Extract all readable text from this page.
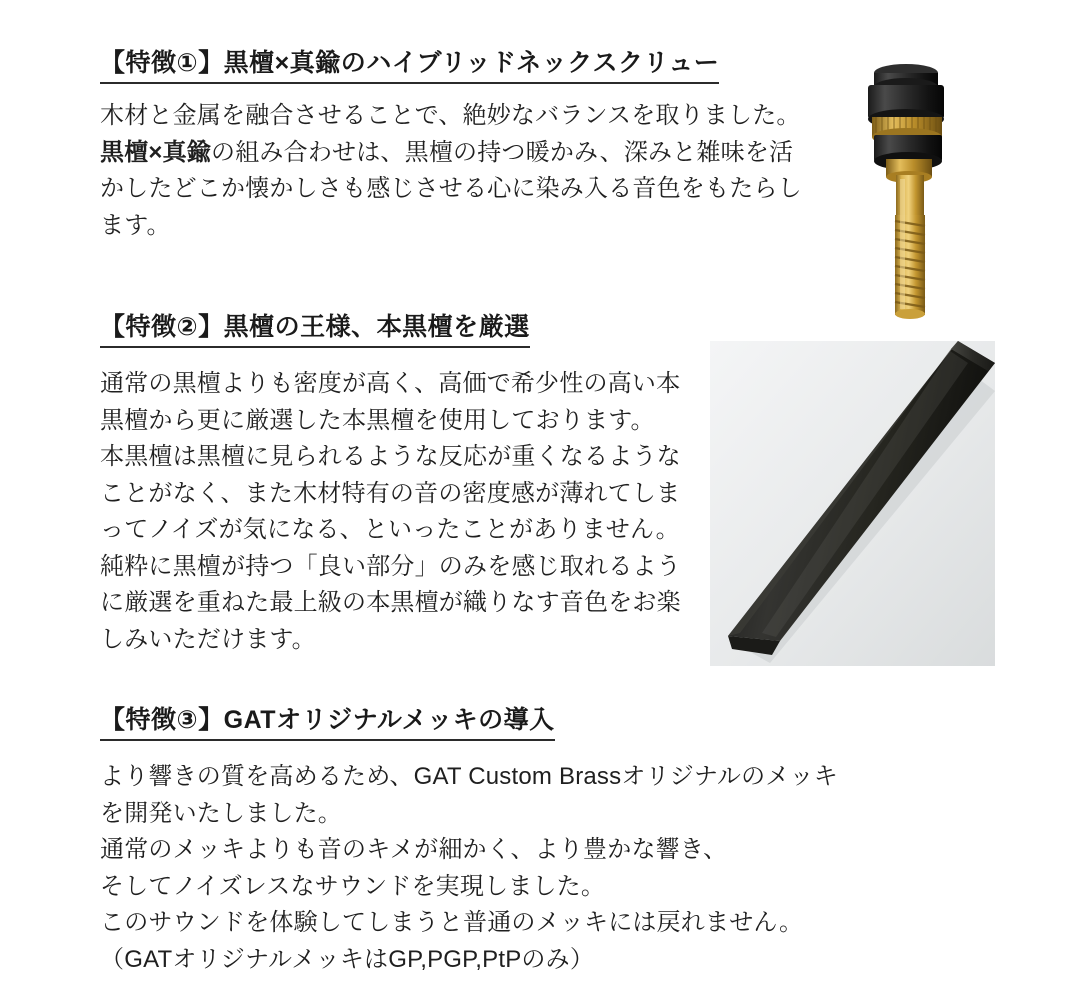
【特徴①】黒檀×真鍮のハイブリッドネックスクリュー
木材と金属を融合させることで、絶妙なバランスを取りました。
黒檀×真鍮の組み合わせは、黒檀の持つ暖かみ、深みと雑味を活
かしたどこか懐かしさも感じさせる心に染み入る音色をもたらし
ます。
【特徴②】黒檀の王様、本黒檀を厳選
通常の黒檀よりも密度が高く、高価で希少性の高い本
黒檀から更に厳選した本黒檀を使用しております。
本黒檀は黒檀に見られるような反応が重くなるような
ことがなく、また木材特有の音の密度感が薄れてしま
ってノイズが気になる、といったことがありません。
純粋に黒檀が持つ「良い部分」のみを感じ取れるよう
に厳選を重ねた最上級の本黒檀が織りなす音色をお楽
しみいただけます。
【特徴③】GATオリジナルメッキの導入
より響きの質を高めるため、GAT Custom Brassオリジナルのメッキ
を開発いたしました。
通常のメッキよりも音のキメが細かく、より豊かな響き、
そしてノイズレスなサウンドを実現しました。
このサウンドを体験してしまうと普通のメッキには戻れません。
（GATオリジナルメッキはGP,PGP,PtPのみ）
